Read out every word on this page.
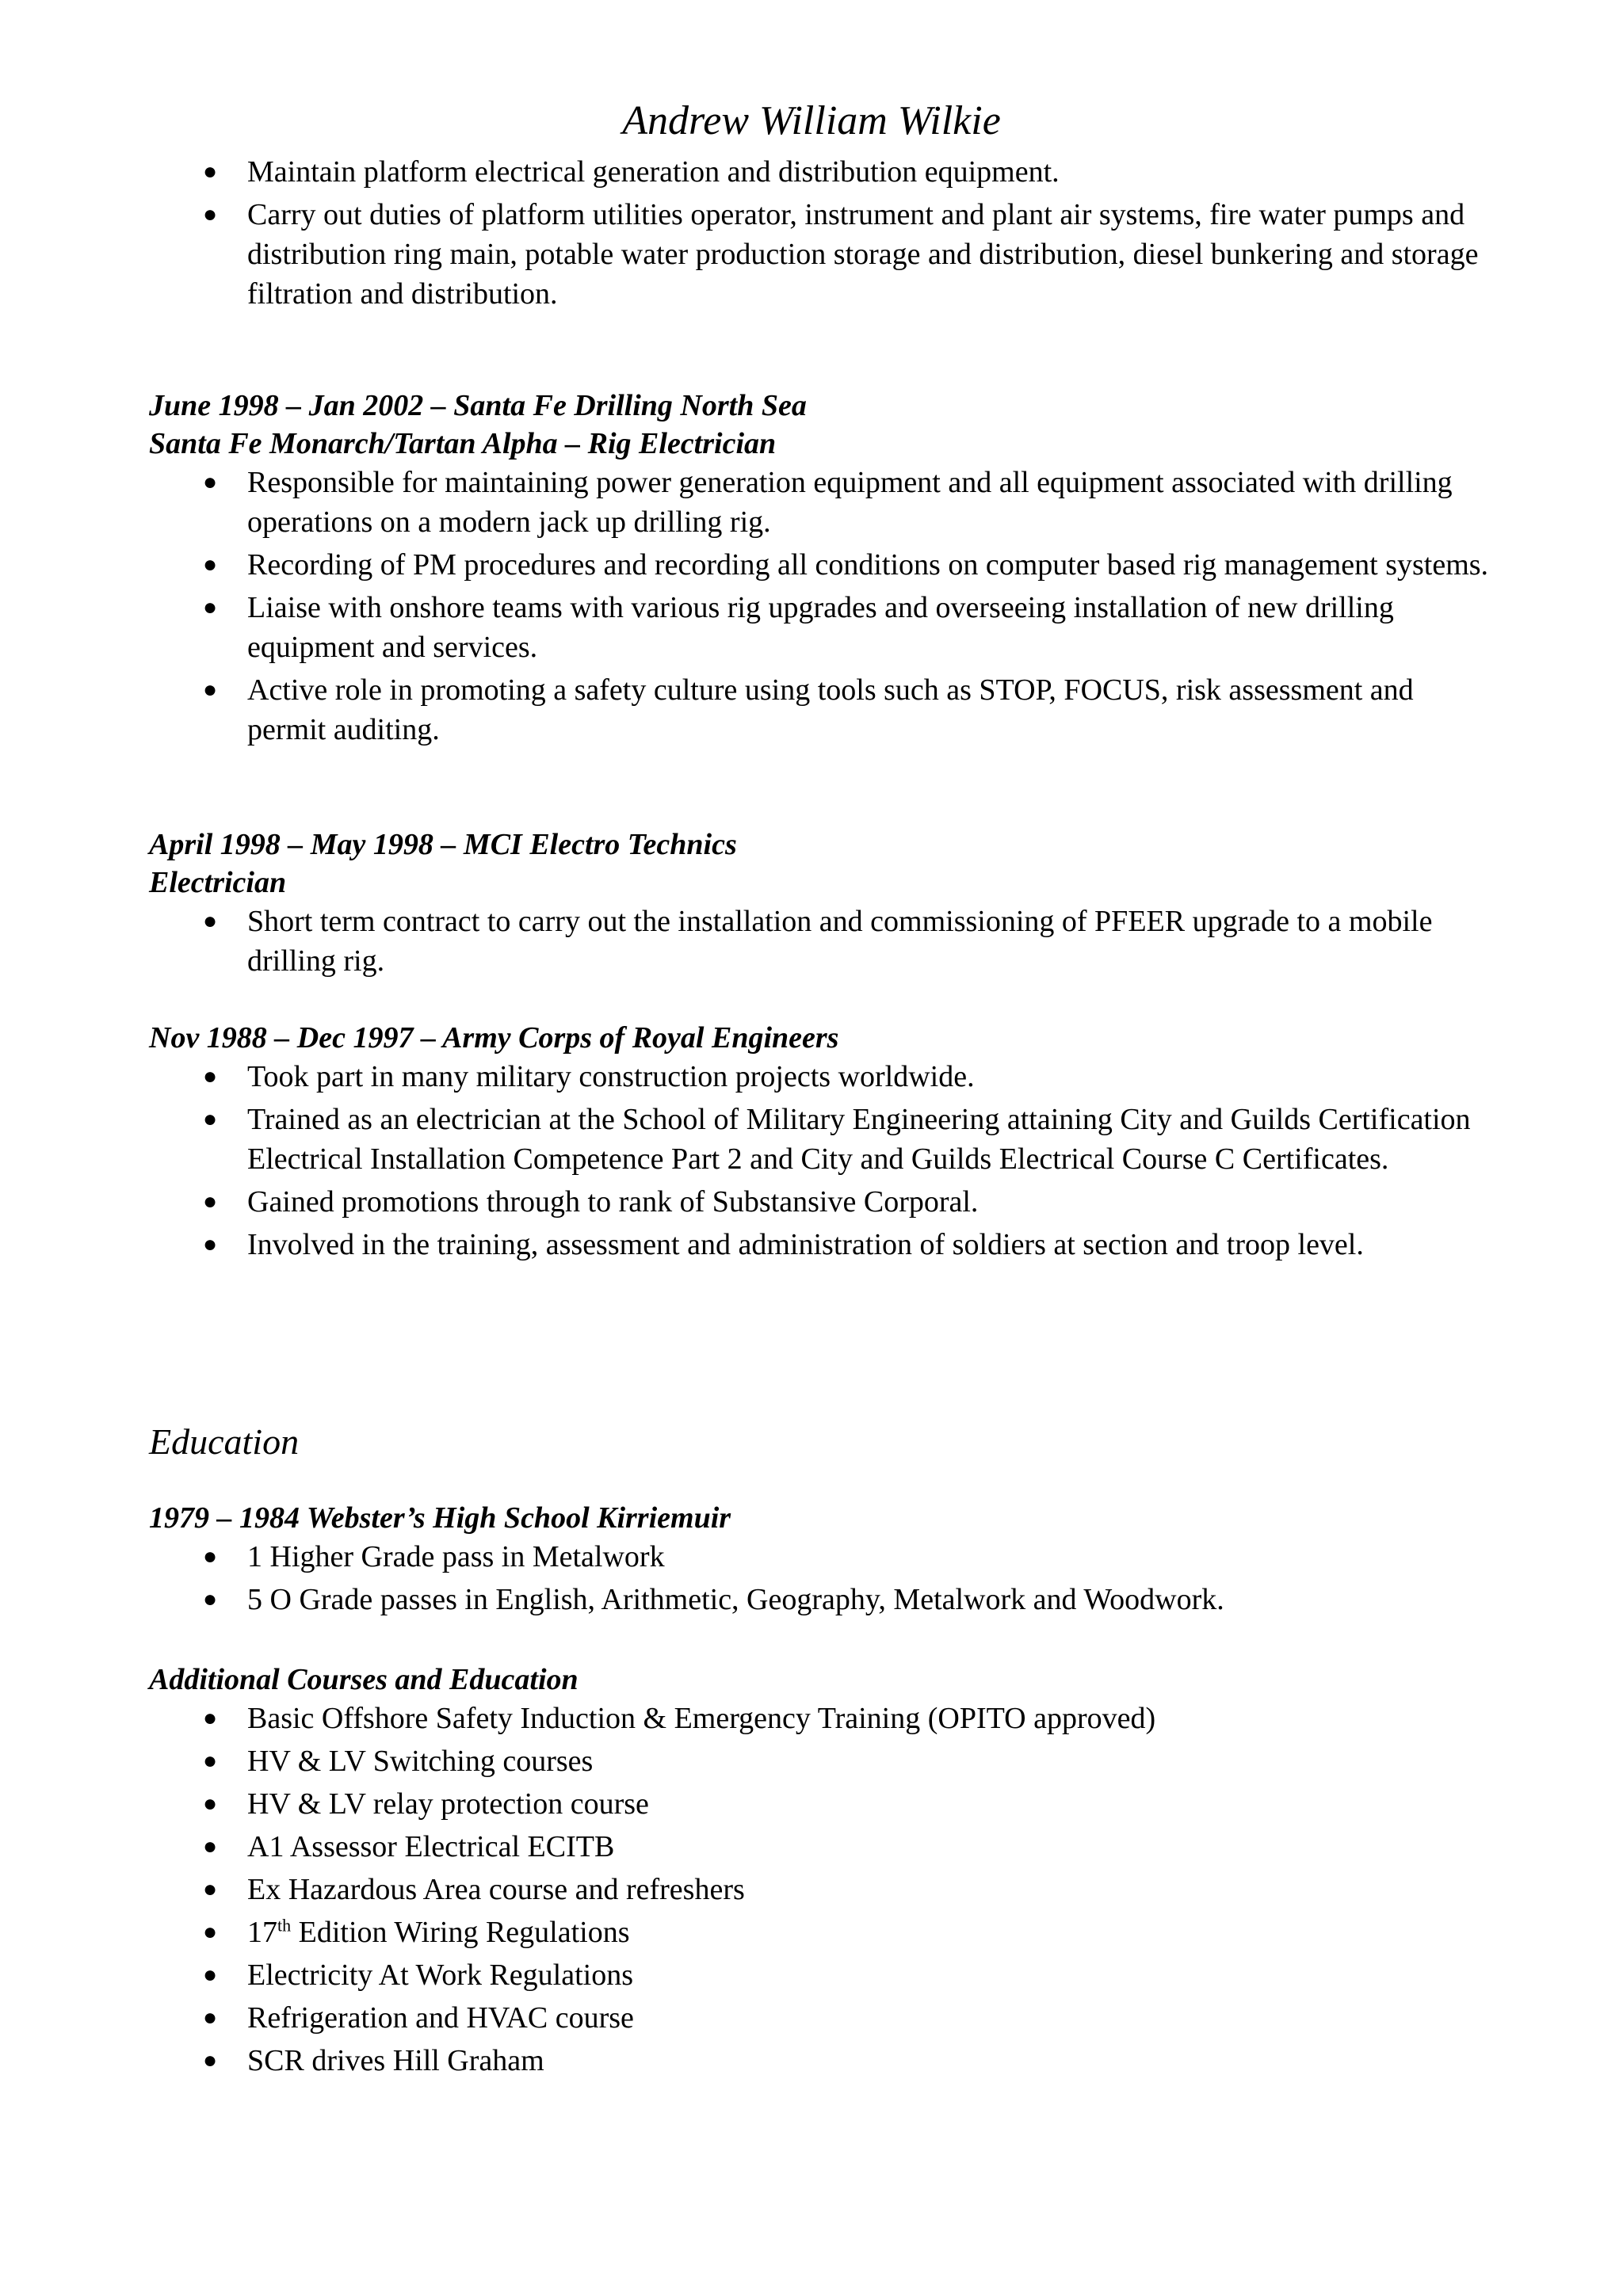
Andrew William Wilkie
● Maintain platform electrical generation and distribution equipment.
● Carry out duties of platform utilities operator, instrument and plant air systems, fire water pumps and distribution ring main, potable water production storage and distribution, diesel bunkering and storage filtration and distribution.
June 1998 – Jan 2002 – Santa Fe Drilling North Sea
Santa Fe Monarch/Tartan Alpha – Rig Electrician
● Responsible for maintaining power generation equipment and all equipment associated with drilling operations on a modern jack up drilling rig.
● Recording of PM procedures and recording all conditions on computer based rig management systems.
● Liaise with onshore teams with various rig upgrades and overseeing installation of new drilling equipment and services.
● Active role in promoting a safety culture using tools such as STOP, FOCUS, risk assessment and permit auditing.
April 1998 – May 1998 – MCI Electro Technics
Electrician
● Short term contract to carry out the installation and commissioning of PFEER upgrade to a mobile drilling rig.
Nov 1988 – Dec 1997 – Army Corps of Royal Engineers
● Took part in many military construction projects worldwide.
● Trained as an electrician at the School of Military Engineering attaining City and Guilds Certification Electrical Installation Competence Part 2 and City and Guilds Electrical Course C Certificates.
● Gained promotions through to rank of Substansive Corporal.
● Involved in the training, assessment and administration of soldiers at section and troop level.
Education
1979 – 1984 Webster’s High School Kirriemuir
● 1 Higher Grade pass in Metalwork
● 5 O Grade passes in English, Arithmetic, Geography, Metalwork and Woodwork.
Additional Courses and Education
● Basic Offshore Safety Induction & Emergency Training (OPITO approved)
● HV & LV Switching courses
● HV & LV relay protection course
● A1 Assessor Electrical ECITB
● Ex Hazardous Area course and refreshers
● 17th Edition Wiring Regulations
● Electricity At Work Regulations
● Refrigeration and HVAC course
● SCR drives Hill Graham
